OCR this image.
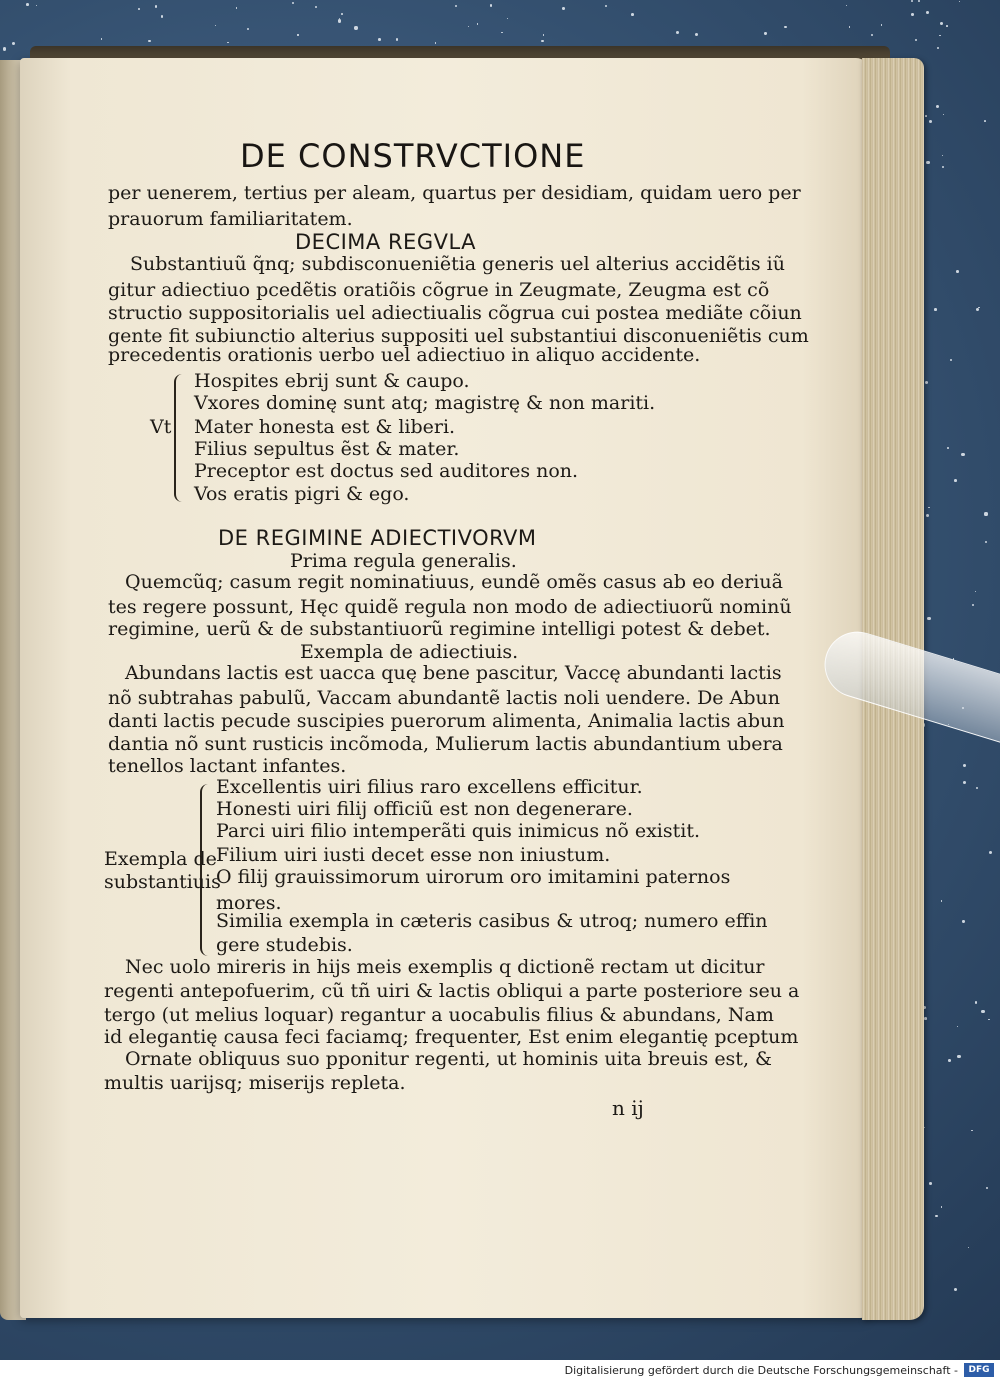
DE CONSTRVCTIONE
per uenerem, tertius per aleam, quartus per desidiam, quidam uero per
prauorum familiaritatem.
DECIMA REGVLA
Substantiuũ q̃nq; subdisconueniẽtia generis uel alterius accidẽtis iũ
gitur adiectiuo pcedẽtis oratiõis cõgrue in Zeugmate, Zeugma est cõ
structio suppositorialis uel adiectiualis cõgrua cui postea mediãte cõiun
gente fit subiunctio alterius suppositi uel substantiui disconueniẽtis cum
precedentis orationis uerbo uel adiectiuo in aliquo accidente.
Vt
Hospites ebrij sunt & caupo.
Vxores dominę sunt atq; magistrę & non mariti.
Mater honesta est & liberi.
Filius sepultus ẽst & mater.
Preceptor est doctus sed auditores non.
Vos eratis pigri & ego.
DE REGIMINE ADIECTIVORVM
Prima regula generalis.
Quemcũq; casum regit nominatiuus, eundẽ omẽs casus ab eo deriuã
tes regere possunt, Hęc quidẽ regula non modo de adiectiuorũ nominũ
regimine, uerũ & de substantiuorũ regimine intelligi potest & debet.
Exempla de adiectiuis.
Abundans lactis est uacca quę bene pascitur, Vaccę abundanti lactis
nõ subtrahas pabulũ, Vaccam abundantẽ lactis noli uendere. De Abun
danti lactis pecude suscipies puerorum alimenta, Animalia lactis abun
dantia nõ sunt rusticis incõmoda, Mulierum lactis abundantium ubera
tenellos lactant infantes.
Exempla de
substantiuis
Excellentis uiri filius raro excellens efficitur.
Honesti uiri filij officiũ est non degenerare.
Parci uiri filio intemperãti quis inimicus nõ existit.
Filium uiri iusti decet esse non iniustum.
O filij grauissimorum uirorum oro imitamini paternos
mores.
Similia exempla in cæteris casibus & utroq; numero effin
gere studebis.
Nec uolo mireris in hijs meis exemplis q dictionẽ rectam ut dicitur
regenti antepofuerim, cũ tñ uiri & lactis obliqui a parte posteriore seu a
tergo (ut melius loquar) regantur a uocabulis filius & abundans, Nam
id elegantię causa feci faciamq; frequenter, Est enim elegantię pceptum
Ornate obliquus suo pponitur regenti, ut hominis uita breuis est, &
multis uarijsq; miserijs repleta.
n ij
Digitalisierung gefördert durch die Deutsche Forschungsgemeinschaft -	DFG
